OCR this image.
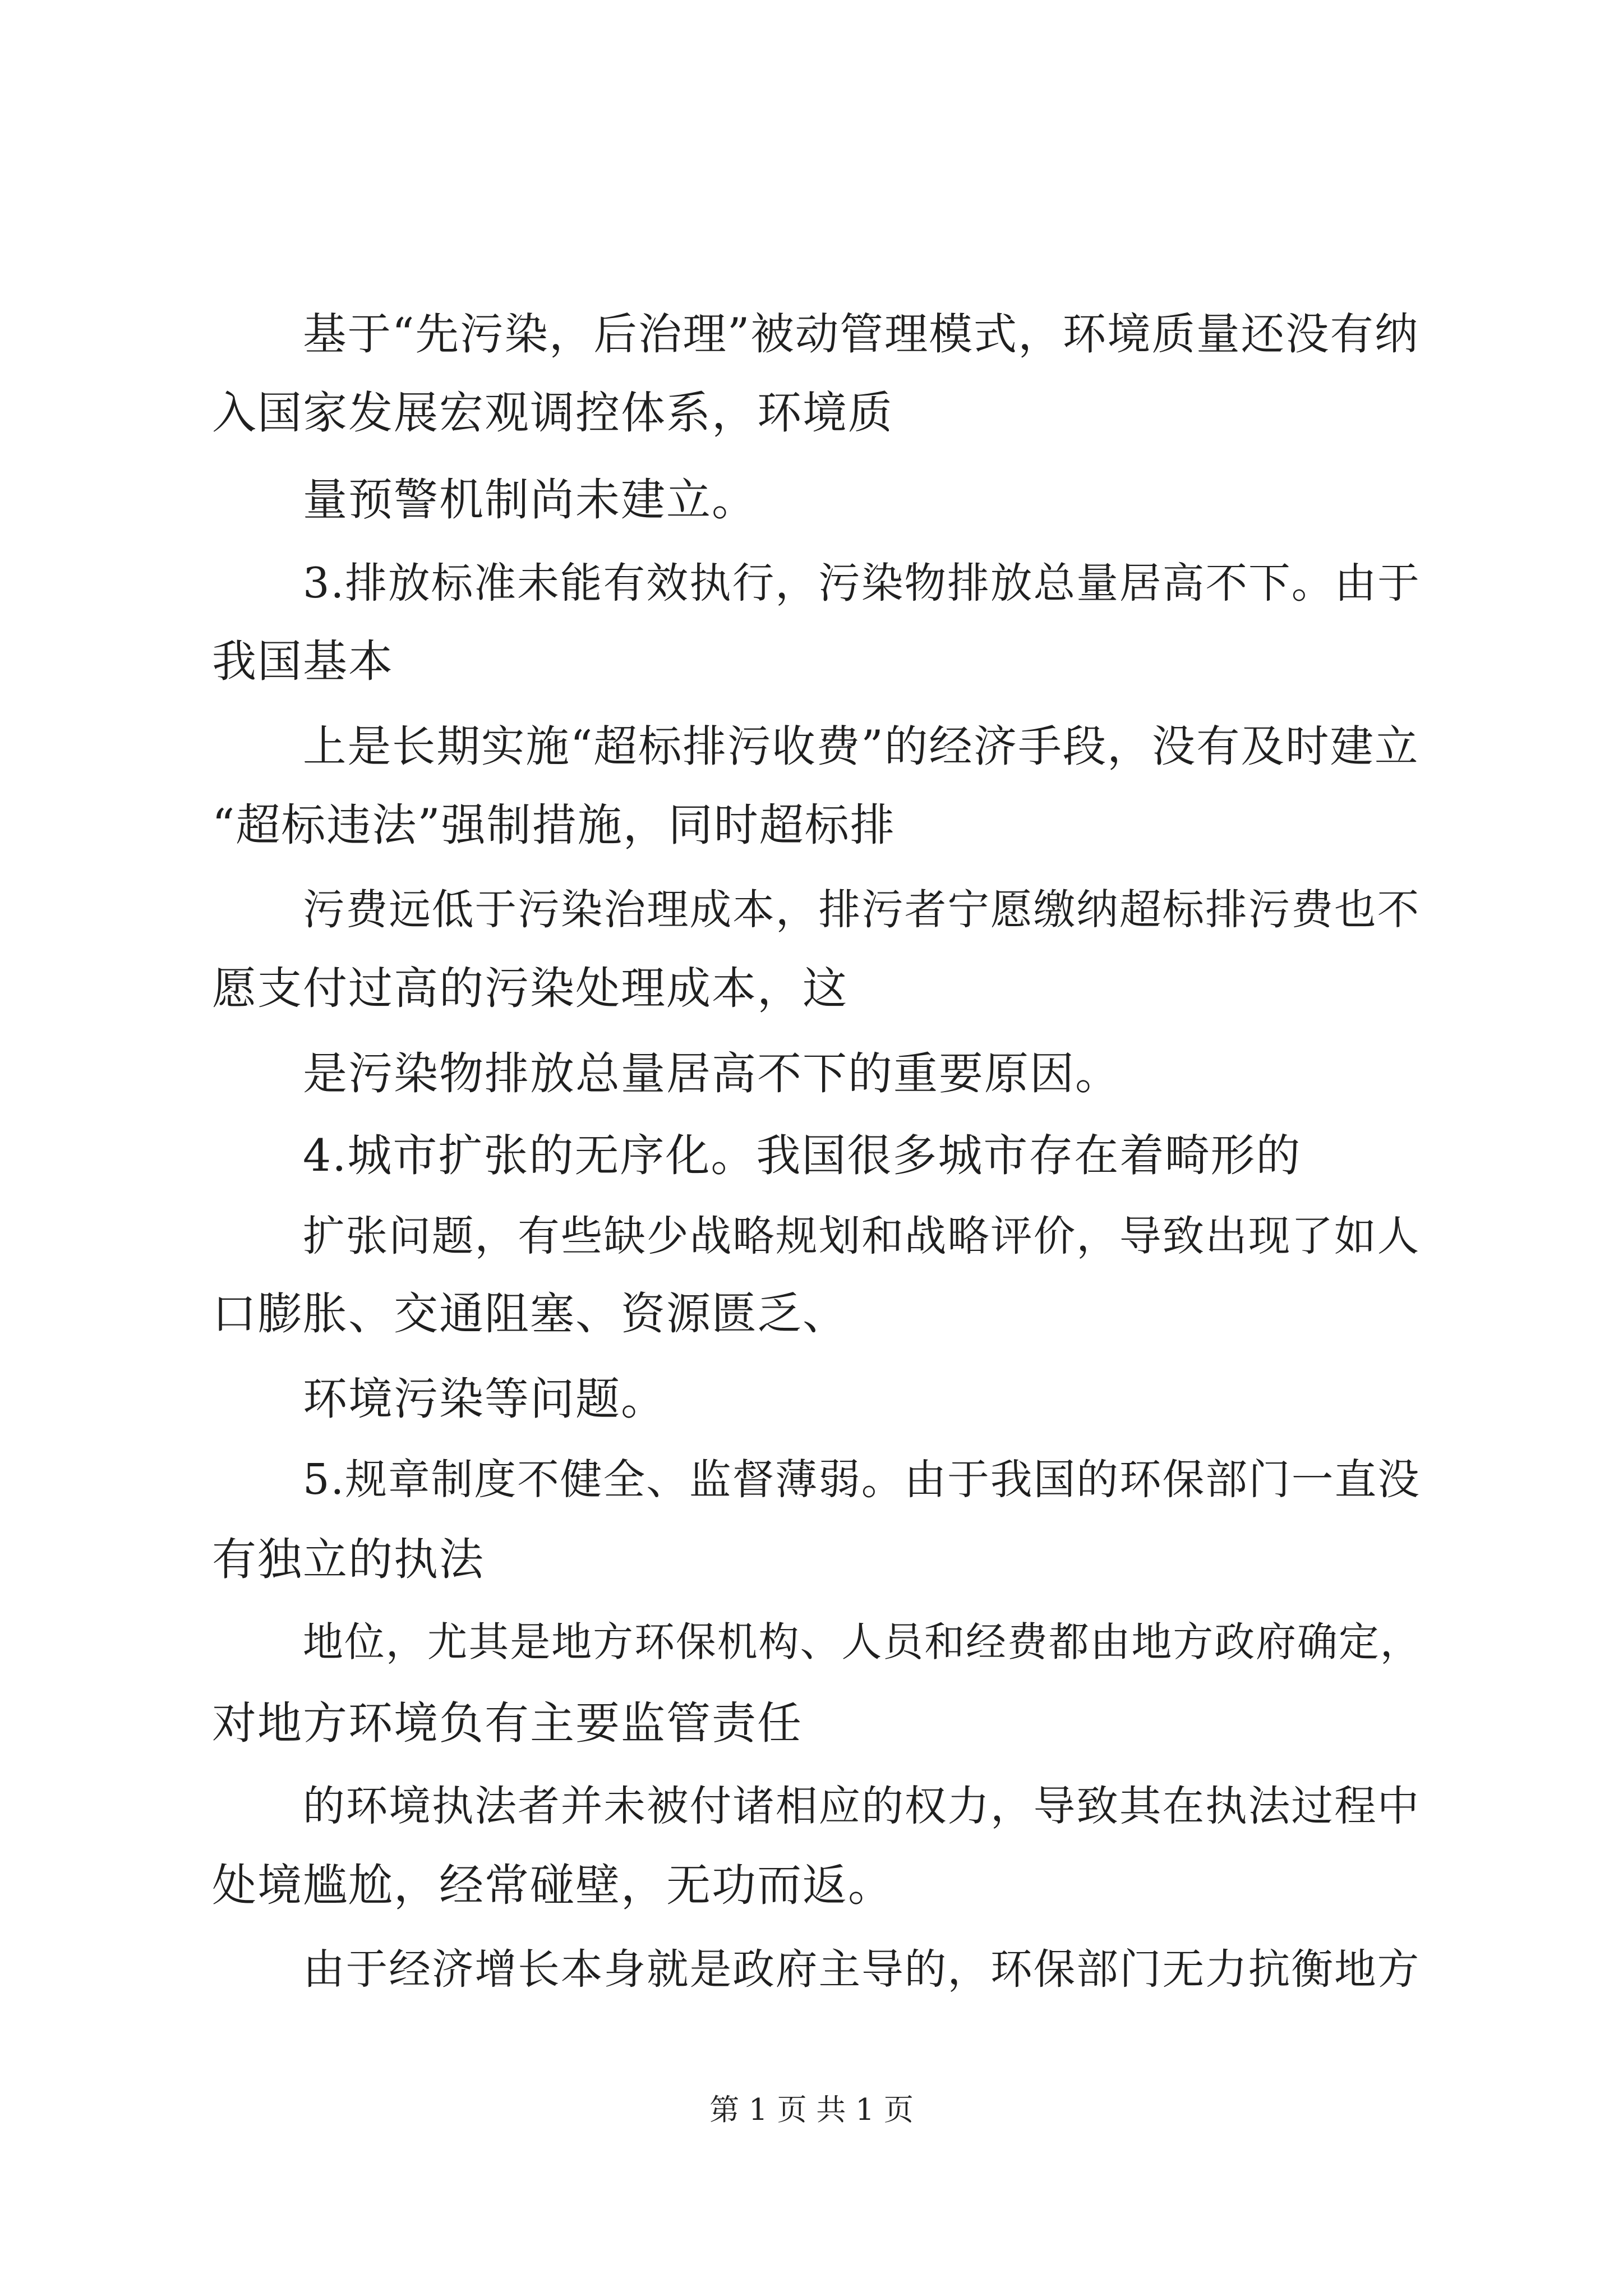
基于“先污染，后治理”被动管理模式，环境质量还没有纳
入国家发展宏观调控体系，环境质
量预警机制尚未建立。
3.排放标准未能有效执行，污染物排放总量居高不下。由于
我国基本
上是长期实施“超标排污收费”的经济手段，没有及时建立
“超标违法”强制措施，同时超标排
污费远低于污染治理成本，排污者宁愿缴纳超标排污费也不
愿支付过高的污染处理成本，这
是污染物排放总量居高不下的重要原因。
4.城市扩张的无序化。我国很多城市存在着畸形的
扩张问题，有些缺少战略规划和战略评价，导致出现了如人
口膨胀、交通阻塞、资源匮乏、
环境污染等问题。
5.规章制度不健全、监督薄弱。由于我国的环保部门一直没
有独立的执法
地位，尤其是地方环保机构、人员和经费都由地方政府确定，
对地方环境负有主要监管责任
的环境执法者并未被付诸相应的权力，导致其在执法过程中
处境尴尬，经常碰壁，无功而返。
由于经济增长本身就是政府主导的，环保部门无力抗衡地方
第 1 页 共 1 页
